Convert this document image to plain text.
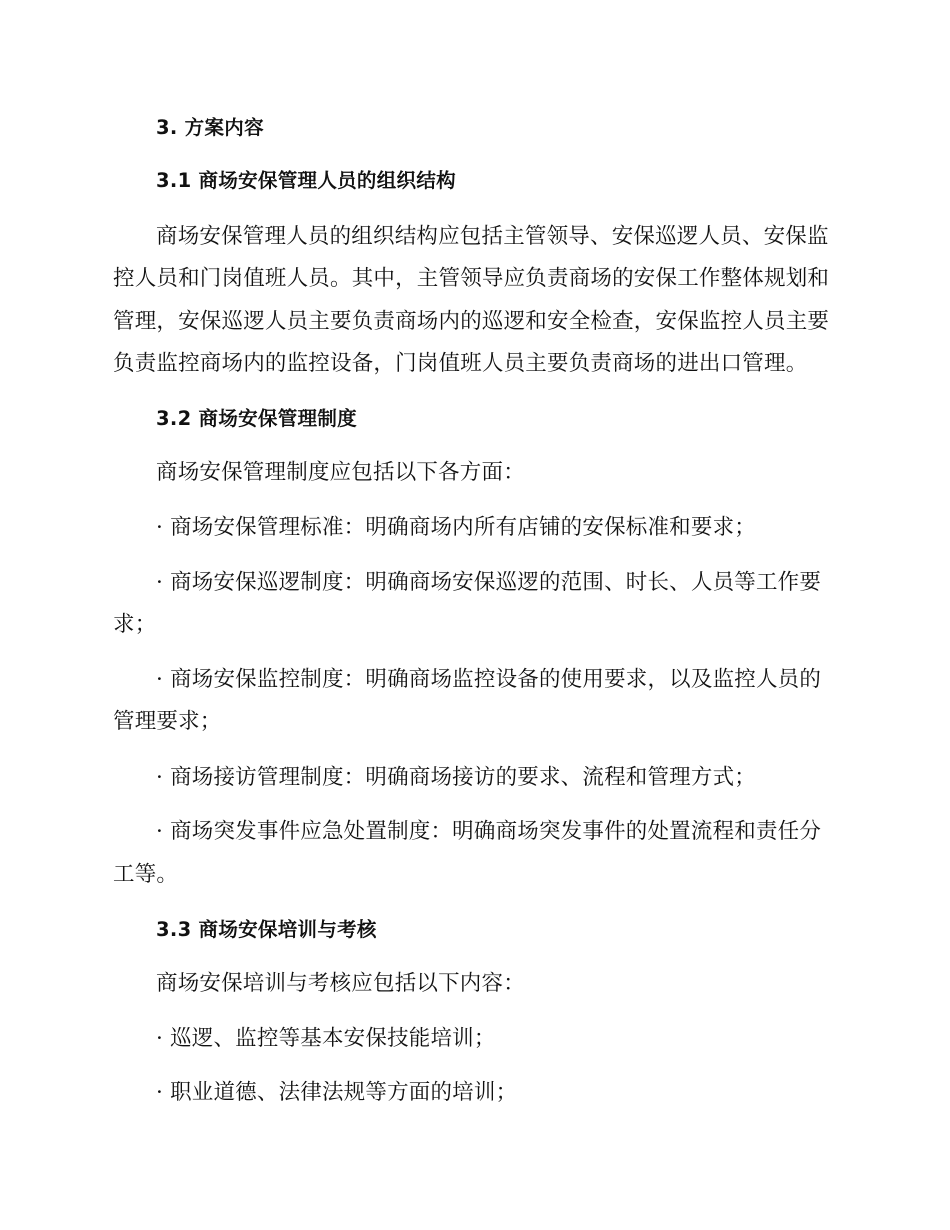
3. 方案内容
3.1 商场安保管理人员的组织结构
商场安保管理人员的组织结构应包括主管领导、安保巡逻人员、安保监
控人员和门岗值班人员。其中，主管领导应负责商场的安保工作整体规划和
管理，安保巡逻人员主要负责商场内的巡逻和安全检查，安保监控人员主要
负责监控商场内的监控设备，门岗值班人员主要负责商场的进出口管理。
3.2 商场安保管理制度
商场安保管理制度应包括以下各方面：
· 商场安保管理标准：明确商场内所有店铺的安保标准和要求；
· 商场安保巡逻制度：明确商场安保巡逻的范围、时长、人员等工作要
求；
· 商场安保监控制度：明确商场监控设备的使用要求，以及监控人员的
管理要求；
· 商场接访管理制度：明确商场接访的要求、流程和管理方式；
· 商场突发事件应急处置制度：明确商场突发事件的处置流程和责任分
工等。
3.3 商场安保培训与考核
商场安保培训与考核应包括以下内容：
· 巡逻、监控等基本安保技能培训；
· 职业道德、法律法规等方面的培训；
